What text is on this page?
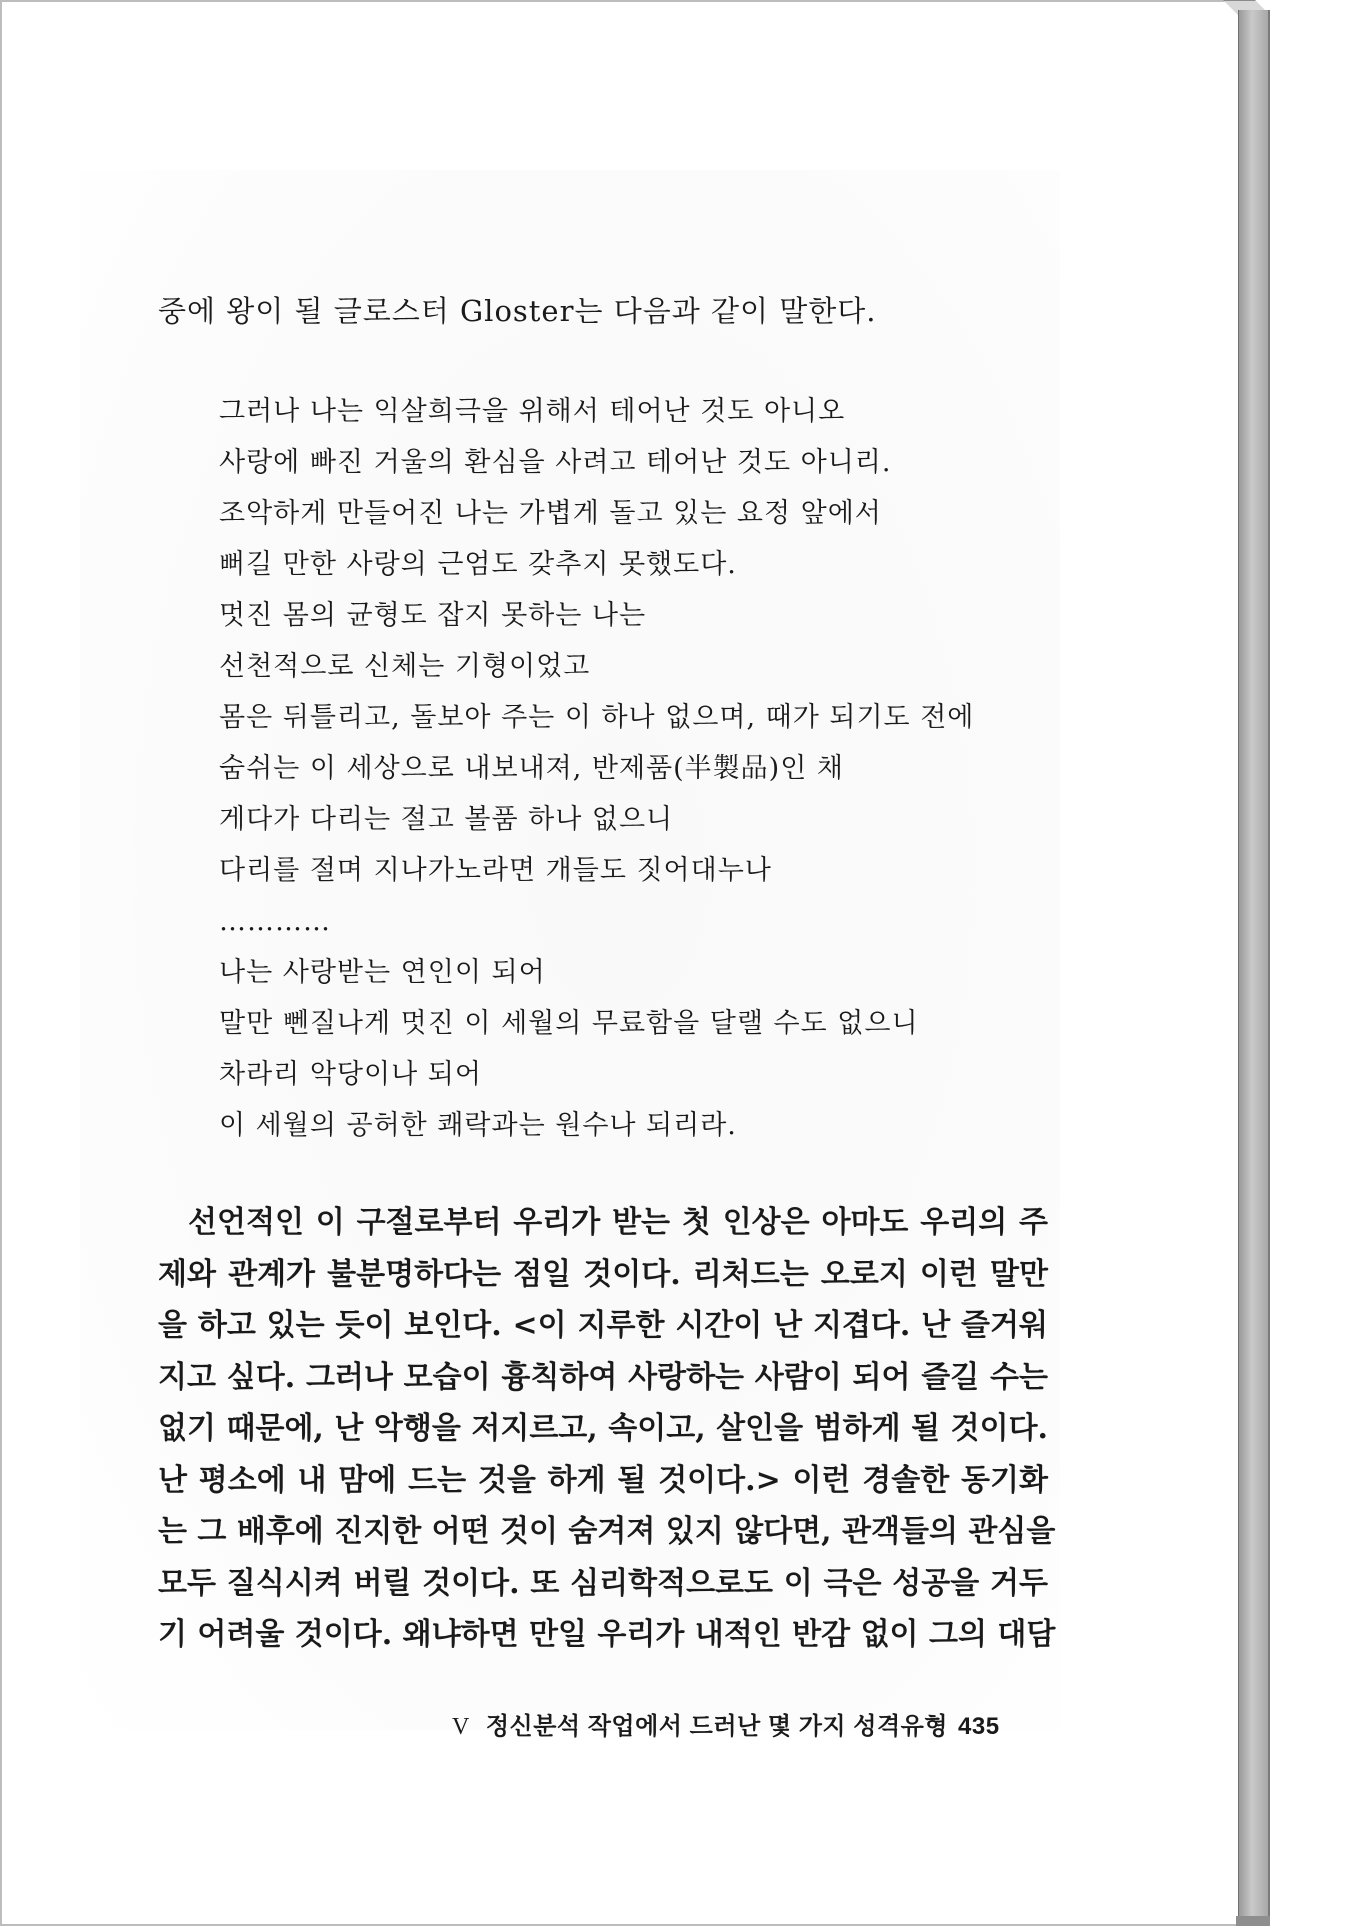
중에 왕이 될 글로스터 Gloster는 다음과 같이 말한다.
그러나 나는 익살희극을 위해서 테어난 것도 아니오
사랑에 빠진 거울의 환심을 사려고 테어난 것도 아니리.
조악하게 만들어진 나는 가볍게 돌고 있는 요정 앞에서
뻐길 만한 사랑의 근엄도 갖추지 못했도다.
멋진 몸의 균형도 잡지 못하는 나는
선천적으로 신체는 기형이었고
몸은 뒤틀리고, 돌보아 주는 이 하나 없으며, 때가 되기도 전에
숨쉬는 이 세상으로 내보내져, 반제품(半製品)인 채
게다가 다리는 절고 볼품 하나 없으니
다리를 절며 지나가노라면 개들도 짓어대누나
…………
나는 사랑받는 연인이 되어
말만 뻰질나게 멋진 이 세월의 무료함을 달랠 수도 없으니
차라리 악당이나 되어
이 세월의 공허한 쾌락과는 원수나 되리라.
선언적인 이 구절로부터 우리가 받는 첫 인상은 아마도 우리의 주
제와 관계가 불분명하다는 점일 것이다. 리처드는 오로지 이런 말만
을 하고 있는 듯이 보인다. <이 지루한 시간이 난 지겹다. 난 즐거워
지고 싶다. 그러나 모습이 흉칙하여 사랑하는 사람이 되어 즐길 수는
없기 때문에, 난 악행을 저지르고, 속이고, 살인을 범하게 될 것이다.
난 평소에 내 맘에 드는 것을 하게 될 것이다.> 이런 경솔한 동기화
는 그 배후에 진지한 어떤 것이 숨겨져 있지 않다면, 관객들의 관심을
모두 질식시켜 버릴 것이다. 또 심리학적으로도 이 극은 성공을 거두
기 어려울 것이다. 왜냐하면 만일 우리가 내적인 반감 없이 그의 대담
V 정신분석 작업에서 드러난 몇 가지 성격유형 435
